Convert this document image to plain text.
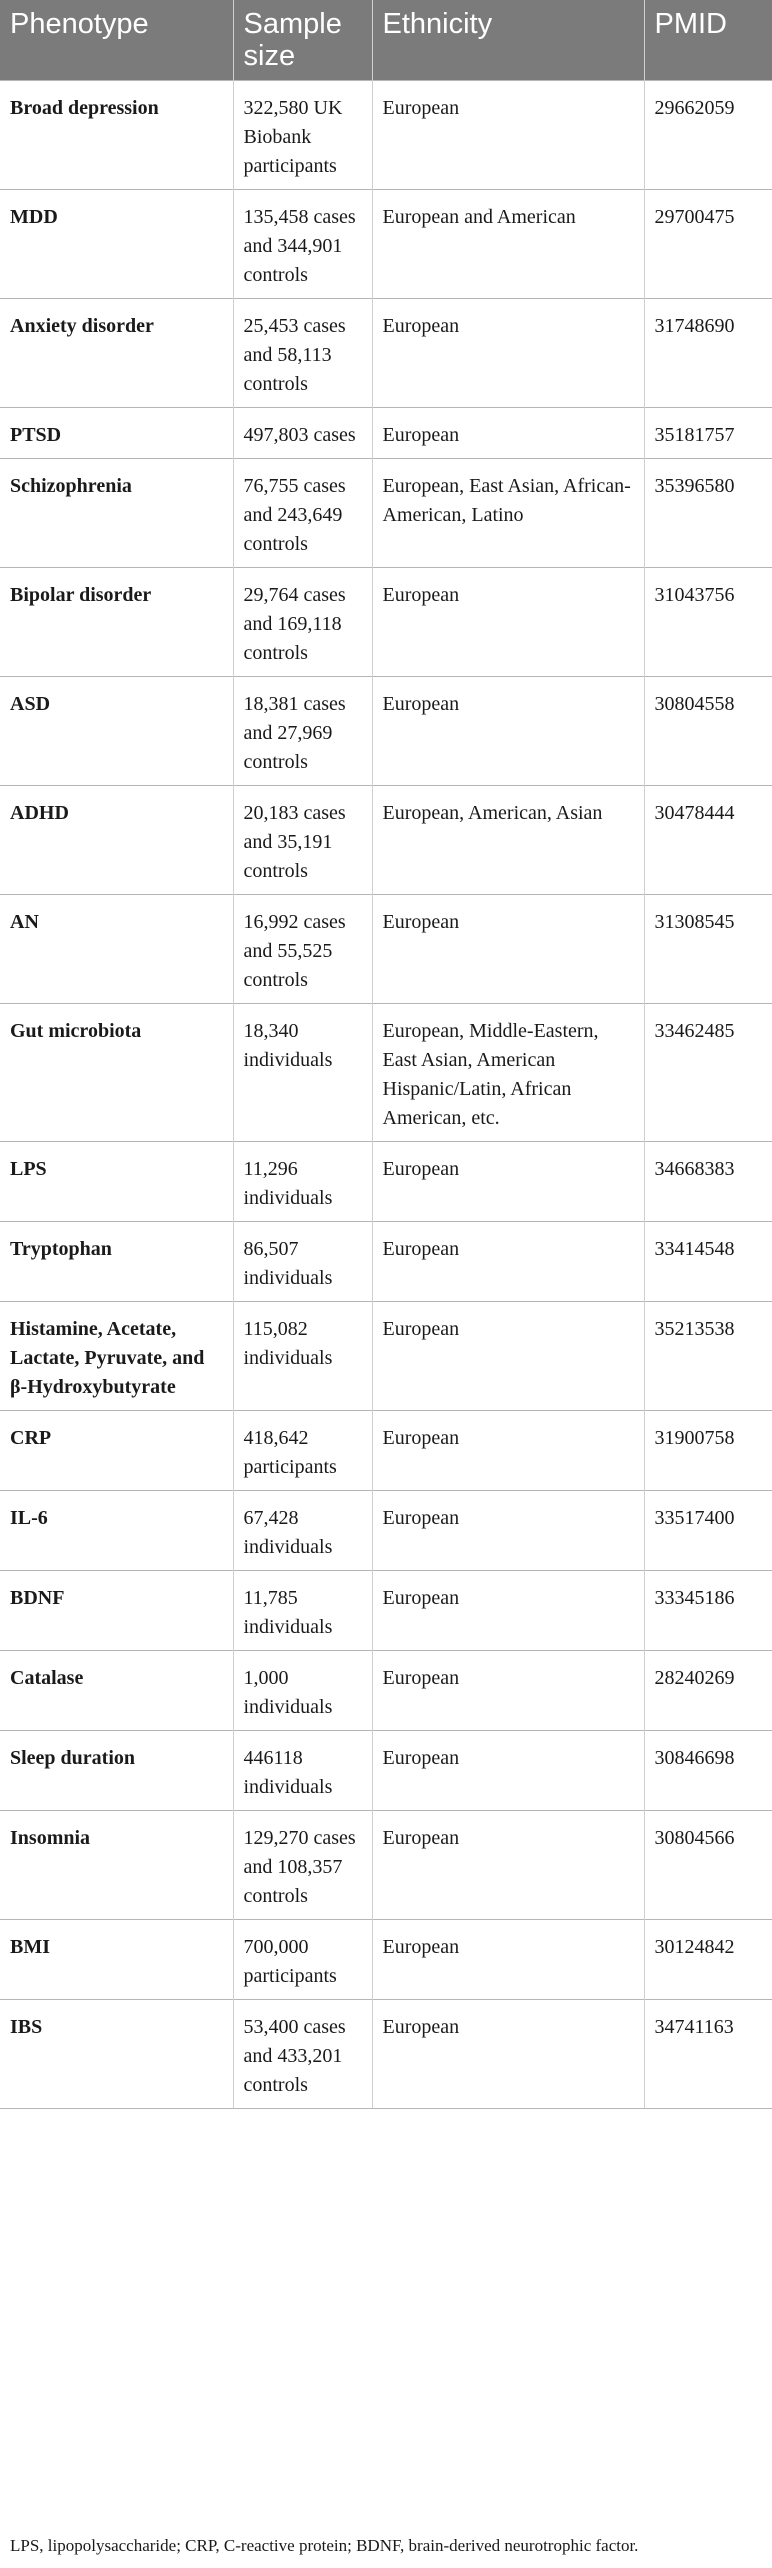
Phenotype	Sample size	Ethnicity	PMID
Broad depression	322,580 UK Biobank participants	European	29662059
MDD	135,458 cases and 344,901 controls	European and American	29700475
Anxiety disorder	25,453 cases and 58,113 controls	European	31748690
PTSD	497,803 cases	European	35181757
Schizophrenia	76,755 cases and 243,649 controls	European, East Asian, African-American, Latino	35396580
Bipolar disorder	29,764 cases and 169,118 controls	European	31043756
ASD	18,381 cases and 27,969 controls	European	30804558
ADHD	20,183 cases and 35,191 controls	European, American, Asian	30478444
AN	16,992 cases and 55,525 controls	European	31308545
Gut microbiota	18,340 individuals	European, Middle-Eastern, East Asian, American Hispanic/Latin, African American, etc.	33462485
LPS	11,296 individuals	European	34668383
Tryptophan	86,507 individuals	European	33414548
Histamine, Acetate, Lactate, Pyruvate, and β-Hydroxybutyrate	115,082 individuals	European	35213538
CRP	418,642 participants	European	31900758
IL-6	67,428 individuals	European	33517400
BDNF	11,785 individuals	European	33345186
Catalase	1,000 individuals	European	28240269
Sleep duration	446118 individuals	European	30846698
Insomnia	129,270 cases and 108,357 controls	European	30804566
BMI	700,000 participants	European	30124842
IBS	53,400 cases and 433,201 controls	European	34741163
LPS, lipopolysaccharide; CRP, C-reactive protein; BDNF, brain-derived neurotrophic factor.
